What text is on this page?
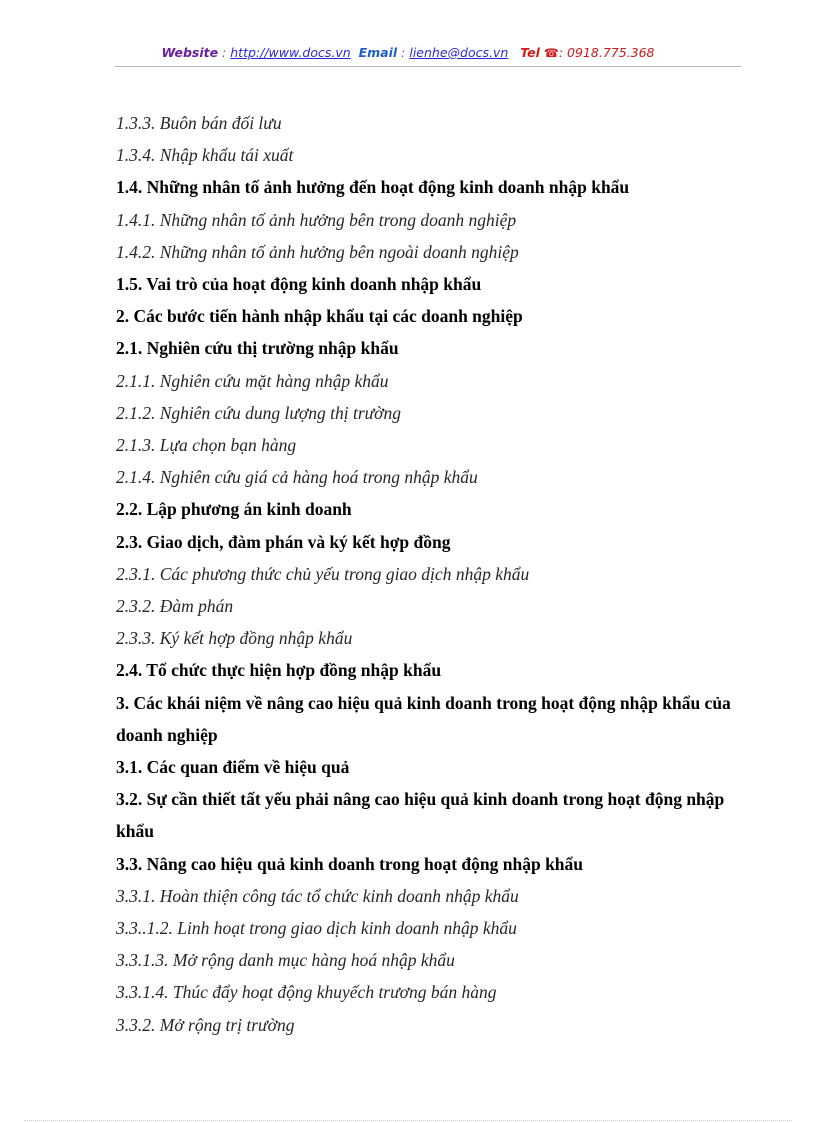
Website : http://www.docs.vn Email : lienhe@docs.vn Tel ☎: 0918.775.368
1.3.3. Buôn bán đối lưu
1.3.4. Nhập khẩu tái xuất
1.4. Những nhân tố ảnh hưởng đến hoạt động kinh doanh nhập khẩu
1.4.1. Những nhân tố ảnh hưởng bên trong doanh nghiệp
1.4.2. Những nhân tố ảnh hưởng bên ngoài doanh nghiệp
1.5. Vai trò của hoạt động kinh doanh nhập khẩu
2. Các bước tiến hành nhập khẩu tại các doanh nghiệp
2.1. Nghiên cứu thị trường nhập khẩu
2.1.1. Nghiên cứu mặt hàng nhập khẩu
2.1.2. Nghiên cứu dung lượng thị trường
2.1.3. Lựa chọn bạn hàng
2.1.4. Nghiên cứu giá cả hàng hoá trong nhập khẩu
2.2. Lập phương án kinh doanh
2.3. Giao dịch, đàm phán và ký kết hợp đồng
2.3.1. Các phương thức chủ yếu trong giao dịch nhập khẩu
2.3.2. Đàm phán
2.3.3. Ký kết hợp đồng nhập khẩu
2.4. Tổ chức thực hiện hợp đồng nhập khẩu
3. Các khái niệm về nâng cao hiệu quả kinh doanh trong hoạt động nhập khẩu của doanh nghiệp
3.1. Các quan điểm về hiệu quả
3.2. Sự cần thiết tất yếu phải nâng cao hiệu quả kinh doanh trong hoạt động nhập khẩu
3.3. Nâng cao hiệu quả kinh doanh trong hoạt động nhập khẩu
3.3.1. Hoàn thiện công tác tổ chức kinh doanh nhập khẩu
3.3..1.2. Linh hoạt trong giao dịch kinh doanh nhập khẩu
3.3.1.3. Mở rộng danh mục hàng hoá nhập khẩu
3.3.1.4. Thúc đẩy hoạt động khuyếch trương bán hàng
3.3.2. Mở rộng trị trường
